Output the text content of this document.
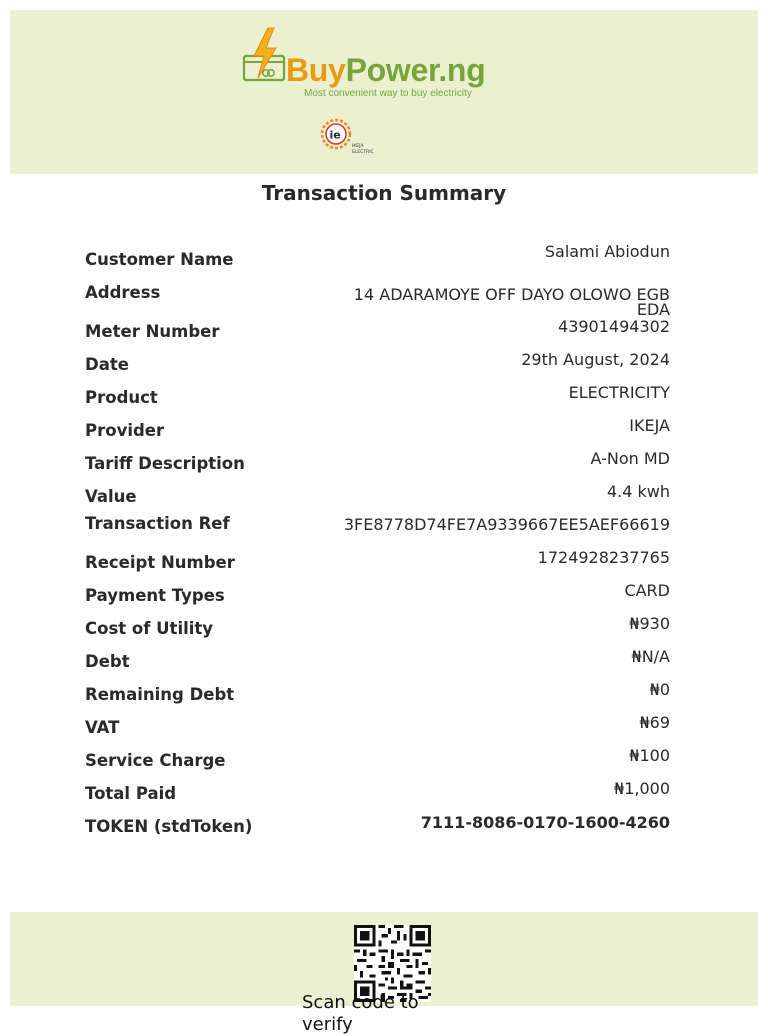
BuyPower.ng
Most convenient way to buy electricity
ie
IKEJA
ELECTRIC
Transaction Summary
Customer Name	Salami Abiodun
Address	14 ADARAMOYE OFF DAYO OLOWO EGBEDA
Meter Number	43901494302
Date	29th August, 2024
Product	ELECTRICITY
Provider	IKEJA
Tariff Description	A-Non MD
Value	4.4 kwh
Transaction Ref	3FE8778D74FE7A9339667EE5AEF66619
Receipt Number	1724928237765
Payment Types	CARD
Cost of Utility	₦930
Debt	₦N/A
Remaining Debt	₦0
VAT	₦69
Service Charge	₦100
Total Paid	₦1,000
TOKEN (stdToken)	7111-8086-0170-1600-4260
Scan code to verify
